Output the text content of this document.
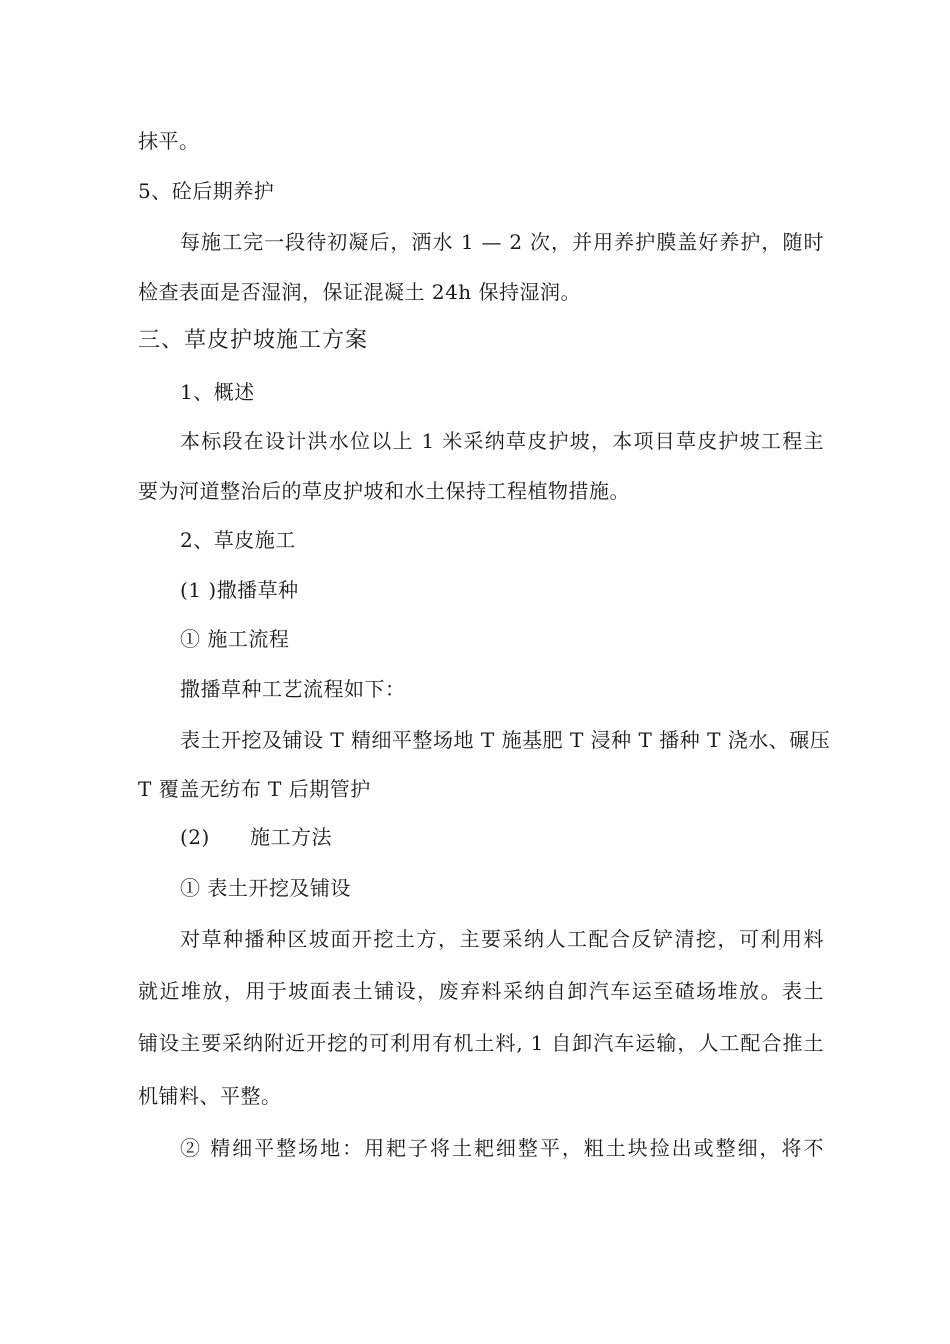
抹平。
5、砼后期养护
每施工完一段待初凝后，洒水 1 — 2 次，并用养护膜盖好养护，随时
检查表面是否湿润，保证混凝土 24h 保持湿润。
三、草皮护坡施工方案
1、概述
本标段在设计洪水位以上 1 米采纳草皮护坡，本项目草皮护坡工程主
要为河道整治后的草皮护坡和水土保持工程植物措施。
2、草皮施工
(1 )撒播草种
① 施工流程
撒播草种工艺流程如下：
表土开挖及铺设 T 精细平整场地 T 施基肥 T 浸种 T 播种 T 浇水、碾压
T 覆盖无纺布 T 后期管护
(2) 施工方法
① 表土开挖及铺设
对草种播种区坡面开挖土方，主要采纳人工配合反铲清挖，可利用料
就近堆放，用于坡面表土铺设，废弃料采纳自卸汽车运至碴场堆放。表土
铺设主要采纳附近开挖的可利用有机土料, 1 自卸汽车运输，人工配合推土
机铺料、平整。
② 精细平整场地：用耙子将土耙细整平，粗土块捡出或整细，将不
